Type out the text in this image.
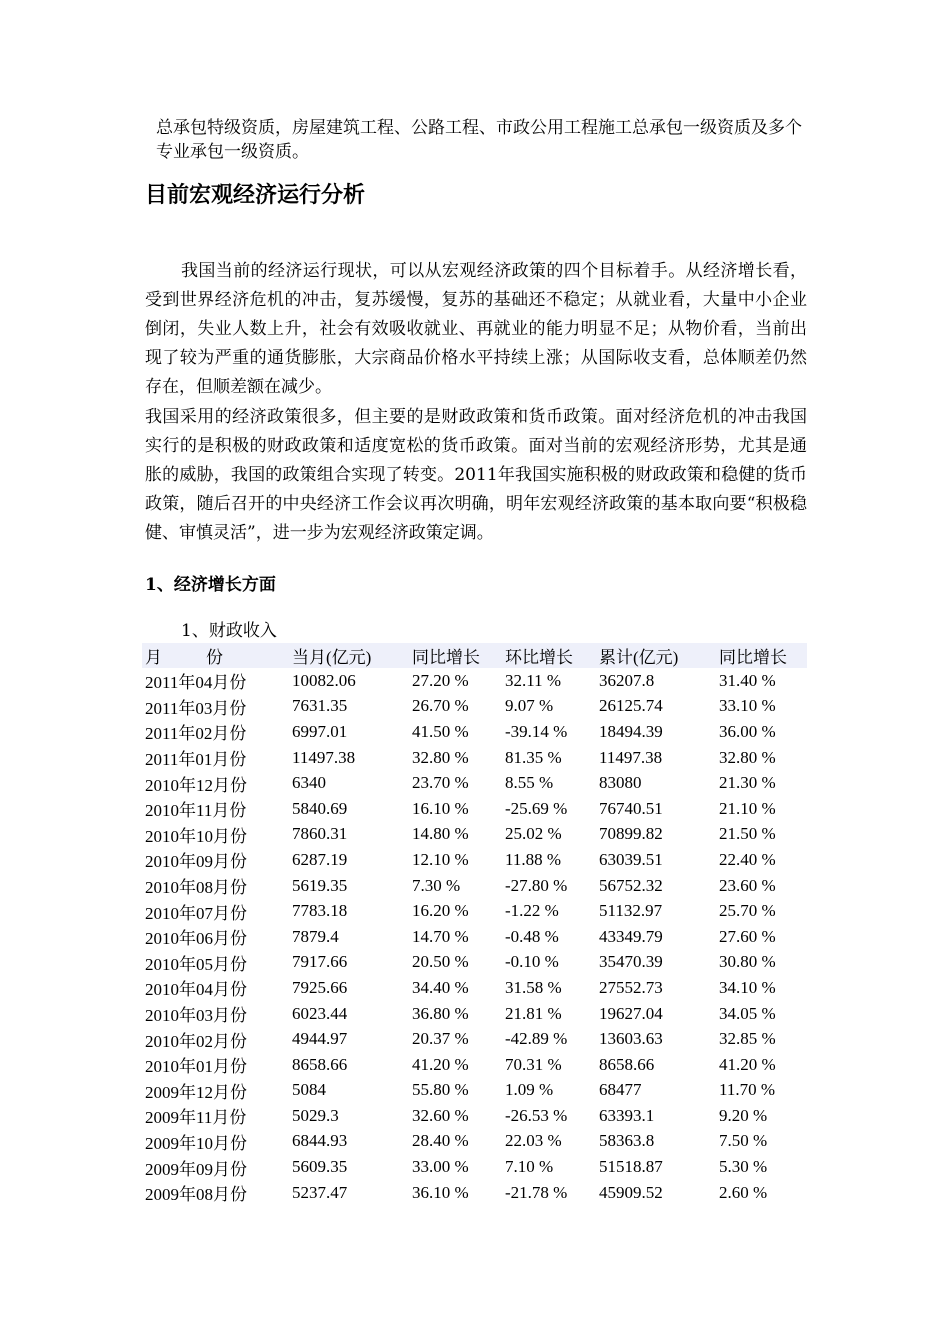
总承包特级资质，房屋建筑工程、公路工程、市政公用工程施工总承包一级资质及多个专业承包一级资质。

目前宏观经济运行分析

我国当前的经济运行现状，可以从宏观经济政策的四个目标着手。从经济增长看，受到世界经济危机的冲击，复苏缓慢，复苏的基础还不稳定；从就业看，大量中小企业倒闭，失业人数上升，社会有效吸收就业、再就业的能力明显不足；从物价看，当前出现了较为严重的通货膨胀，大宗商品价格水平持续上涨；从国际收支看，总体顺差仍然存在，但顺差额在减少。

我国采用的经济政策很多，但主要的是财政政策和货币政策。面对经济危机的冲击我国实行的是积极的财政政策和适度宽松的货币政策。面对当前的宏观经济形势，尤其是通胀的威胁，我国的政策组合实现了转变。2011年我国实施积极的财政政策和稳健的货币政策，随后召开的中央经济工作会议再次明确，明年宏观经济政策的基本取向要“积极稳健、审慎灵活”，进一步为宏观经济政策定调。

1、经济增长方面

1、财政收入

月 份	当月(亿元)	同比增长	环比增长	累计(亿元)	同比增长
2011年04月份	10082.06	27.20 %	32.11 %	36207.8	31.40 %
2011年03月份	7631.35	26.70 %	9.07 %	26125.74	33.10 %
2011年02月份	6997.01	41.50 %	-39.14 %	18494.39	36.00 %
2011年01月份	11497.38	32.80 %	81.35 %	11497.38	32.80 %
2010年12月份	6340	23.70 %	8.55 %	83080	21.30 %
2010年11月份	5840.69	16.10 %	-25.69 %	76740.51	21.10 %
2010年10月份	7860.31	14.80 %	25.02 %	70899.82	21.50 %
2010年09月份	6287.19	12.10 %	11.88 %	63039.51	22.40 %
2010年08月份	5619.35	7.30 %	-27.80 %	56752.32	23.60 %
2010年07月份	7783.18	16.20 %	-1.22 %	51132.97	25.70 %
2010年06月份	7879.4	14.70 %	-0.48 %	43349.79	27.60 %
2010年05月份	7917.66	20.50 %	-0.10 %	35470.39	30.80 %
2010年04月份	7925.66	34.40 %	31.58 %	27552.73	34.10 %
2010年03月份	6023.44	36.80 %	21.81 %	19627.04	34.05 %
2010年02月份	4944.97	20.37 %	-42.89 %	13603.63	32.85 %
2010年01月份	8658.66	41.20 %	70.31 %	8658.66	41.20 %
2009年12月份	5084	55.80 %	1.09 %	68477	11.70 %
2009年11月份	5029.3	32.60 %	-26.53 %	63393.1	9.20 %
2009年10月份	6844.93	28.40 %	22.03 %	58363.8	7.50 %
2009年09月份	5609.35	33.00 %	7.10 %	51518.87	5.30 %
2009年08月份	5237.47	36.10 %	-21.78 %	45909.52	2.60 %
